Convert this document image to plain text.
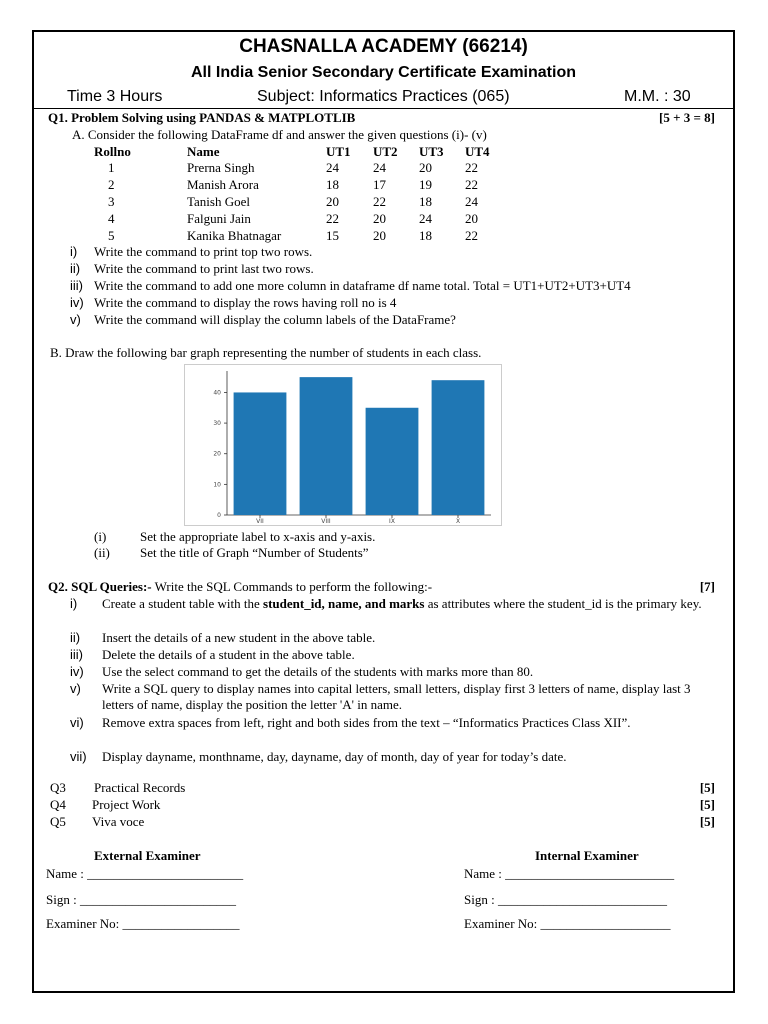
CHASNALLA ACADEMY (66214)
All India Senior Secondary Certificate Examination
Time 3 Hours	Subject: Informatics Practices (065)	M.M. : 30
Q1. Problem Solving using PANDAS & MATPLOTLIB	[5 + 3 = 8]
A. Consider the following DataFrame df and answer the given questions (i)- (v)
Rollno	Name	UT1 UT2 UT3 UT4
1	Prerna Singh	24	24	20	22
2	Manish Arora	18	17	19	22
3	Tanish Goel	20	22	18	24
4	Falguni Jain	22	20	24	20
5	Kanika Bhatnagar	15	20	18	22
i) Write the command to print top two rows.
ii) Write the command to print last two rows.
iii) Write the command to add one more column in dataframe df name total. Total = UT1+UT2+UT3+UT4
iv) Write the command to display the rows having roll no is 4
v) Write the command will display the column labels of the DataFrame?
B. Draw the following bar graph representing the number of students in each class.
0
10
20
30
40
VII	VIII	IX	X
(i)	Set the appropriate label to x-axis and y-axis.
(ii) Set the title of Graph “Number of Students”
Q2. SQL Queries:- Write the SQL Commands to perform the following:-	[7]
i) Create a student table with the student_id, name, and marks as attributes where the student_id is the primary key.
ii) Insert the details of a new student in the above table.
iii) Delete the details of a student in the above table.
iv) Use the select command to get the details of the students with marks more than 80.
v) Write a SQL query to display names into capital letters, small letters, display first 3 letters of name, display last 3 letters of name, display the position the letter 'A' in name.
vi) Remove extra spaces from left, right and both sides from the text – “Informatics Practices Class XII”.
vii) Display dayname, monthname, day, dayname, day of month, day of year for today’s date.
Q3 Practical Records	[5]
Q4 Project Work	[5]
Q5 Viva voce	[5]
External Examiner	Internal Examiner
Name : ________________________
Sign : ________________________
Examiner No: __________________
Name : __________________________
Sign : __________________________
Examiner No: ____________________
